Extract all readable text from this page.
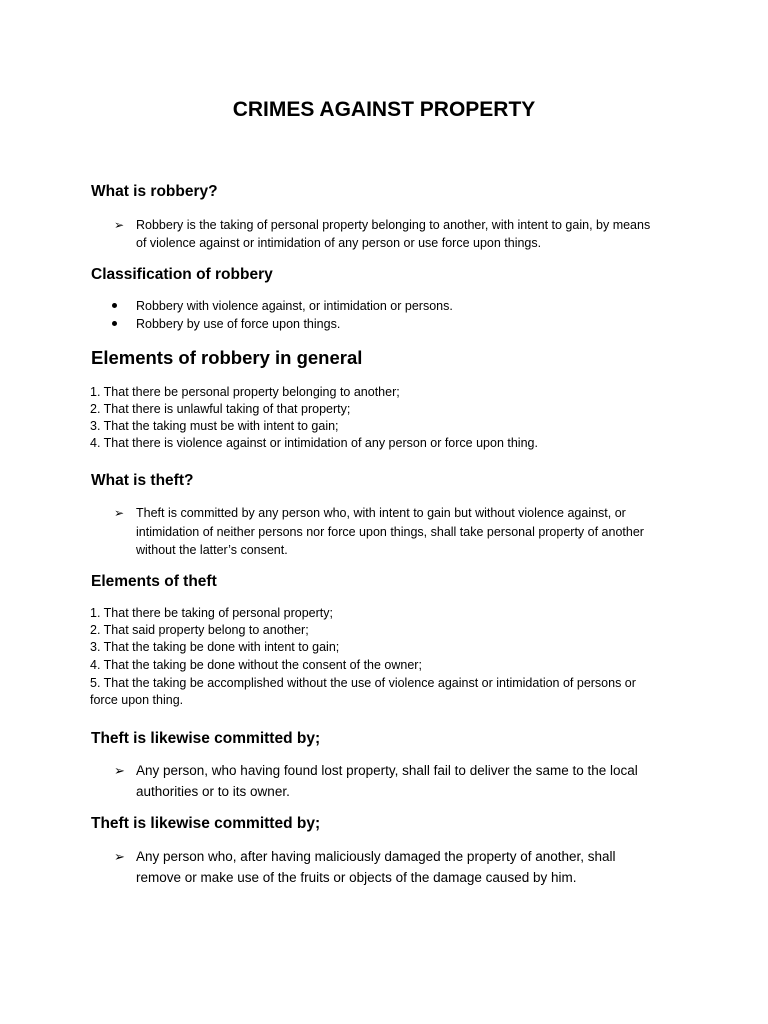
CRIMES AGAINST PROPERTY
What is robbery?
➢ Robbery is the taking of personal property belonging to another, with intent to gain, by means

of violence against or intimidation of any person or use force upon things.

Classification of robbery

Robbery with violence against, or intimidation or persons.

Robbery by use of force upon things.

Elements of robbery in general

1. That there be personal property belonging to another;

2. That there is unlawful taking of that property;

3. That the taking must be with intent to gain;

4. That there is violence against or intimidation of any person or force upon thing.

What is theft?
➢ Theft is committed by any person who, with intent to gain but without violence against, or

intimidation of neither persons nor force upon things, shall take personal property of another

without the latter’s consent.

Elements of theft

1. That there be taking of personal property;

2. That said property belong to another;

3. That the taking be done with intent to gain;

4. That the taking be done without the consent of the owner;

5. That the taking be accomplished without the use of violence against or intimidation of persons or

force upon thing.

Theft is likewise committed by;
➢ Any person, who having found lost property, shall fail to deliver the same to the local

authorities or to its owner.

Theft is likewise committed by;
➢ Any person who, after having maliciously damaged the property of another, shall

remove or make use of the fruits or objects of the damage caused by him.
